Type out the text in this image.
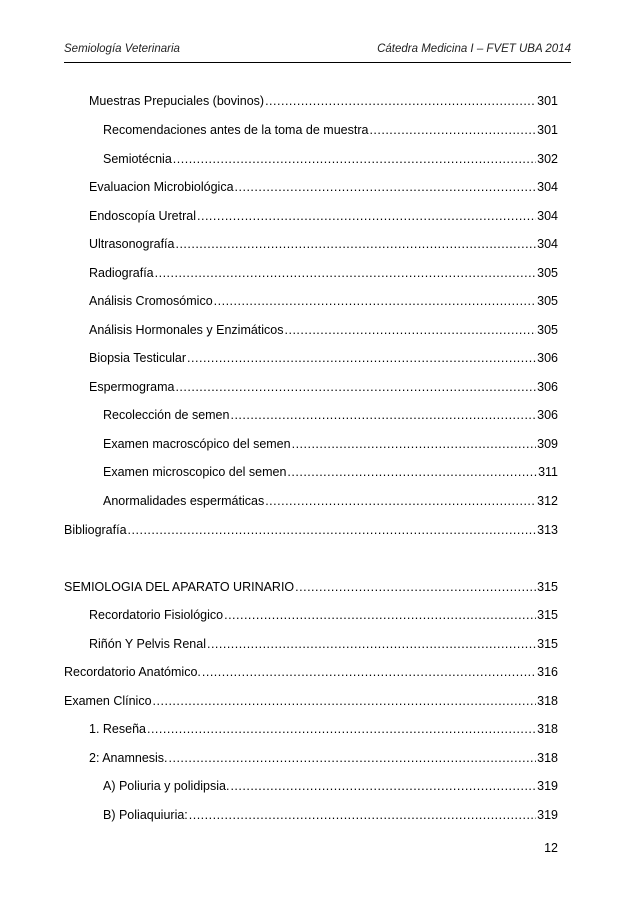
Semiología Veterinaria	Cátedra Medicina I – FVET UBA 2014
Muestras Prepuciales (bovinos) .....	301
Recomendaciones antes de la toma de muestra .....	301
Semiotécnia .....	302
Evaluacion Microbiológica .....	304
Endoscopía Uretral .....	304
Ultrasonografía .....	304
Radiografía .....	305
Análisis Cromosómico .....	305
Análisis Hormonales y Enzimáticos .....	305
Biopsia Testicular .....	306
Espermograma .....	306
Recolección de semen .....	306
Examen macroscópico del semen .....	309
Examen microscopico del semen .....	311
Anormalidades espermáticas .....	312
Bibliografía .....	313
SEMIOLOGIA DEL APARATO URINARIO .....	315
Recordatorio Fisiológico .....	315
Riñón Y Pelvis Renal .....	315
Recordatorio Anatómico. .....	316
Examen Clínico .....	318
1. Reseña .....	318
2: Anamnesis. .....	318
A) Poliuria y polidipsia. .....	319
B) Poliaquiuria: .....	319
12
